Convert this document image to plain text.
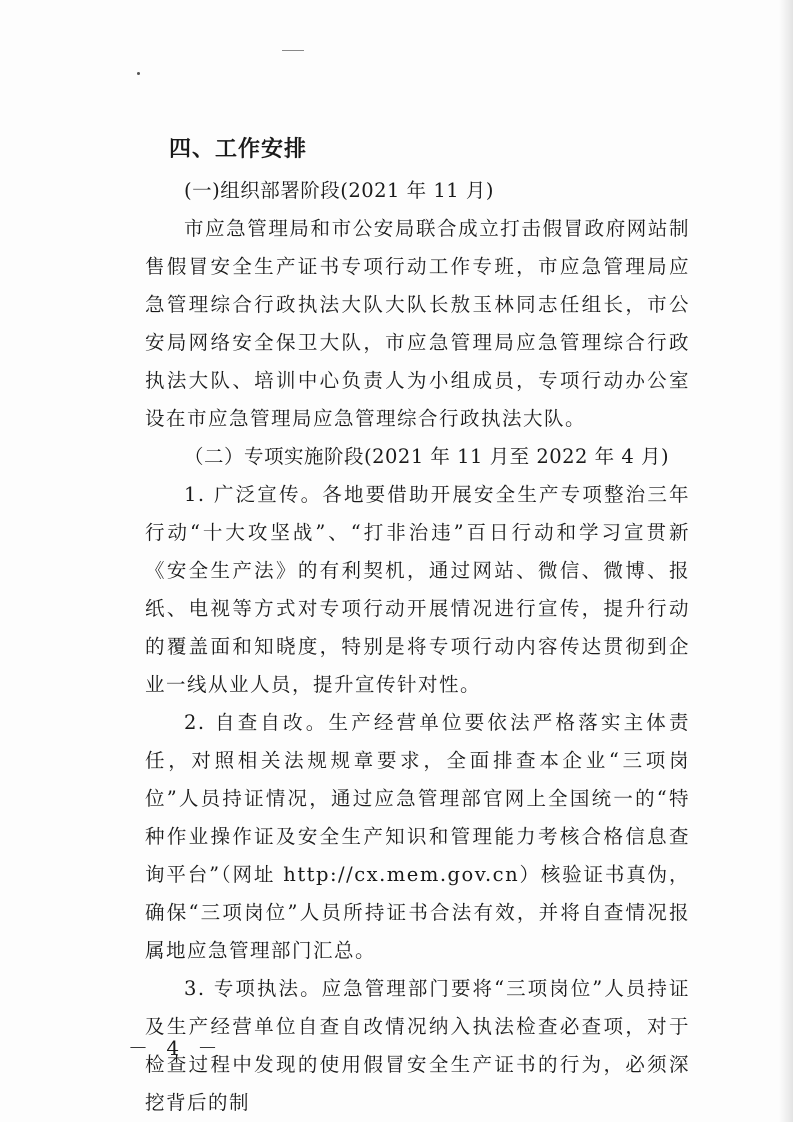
四、工作安排

(一)组织部署阶段(2021 年 11 月)

市应急管理局和市公安局联合成立打击假冒政府网站制售假冒安全生产证书专项行动工作专班，市应急管理局应急管理综合行政执法大队大队长敖玉林同志任组长，市公安局网络安全保卫大队，市应急管理局应急管理综合行政执法大队、培训中心负责人为小组成员，专项行动办公室设在市应急管理局应急管理综合行政执法大队。

（二）专项实施阶段(2021 年 11 月至 2022 年 4 月)

1. 广泛宣传。各地要借助开展安全生产专项整治三年行动“十大攻坚战”、“打非治违”百日行动和学习宣贯新《安全生产法》的有利契机，通过网站、微信、微博、报纸、电视等方式对专项行动开展情况进行宣传，提升行动的覆盖面和知晓度，特别是将专项行动内容传达贯彻到企业一线从业人员，提升宣传针对性。

2. 自查自改。生产经营单位要依法严格落实主体责任，对照相关法规规章要求，全面排查本企业“三项岗位”人员持证情况，通过应急管理部官网上全国统一的“特种作业操作证及安全生产知识和管理能力考核合格信息查询平台”（网址 http://cx.mem.gov.cn）核验证书真伪，确保“三项岗位”人员所持证书合法有效，并将自查情况报属地应急管理部门汇总。

3. 专项执法。应急管理部门要将“三项岗位”人员持证及生产经营单位自查自改情况纳入执法检查必查项，对于检查过程中发现的使用假冒安全生产证书的行为，必须深挖背后的制

－ 4 －
